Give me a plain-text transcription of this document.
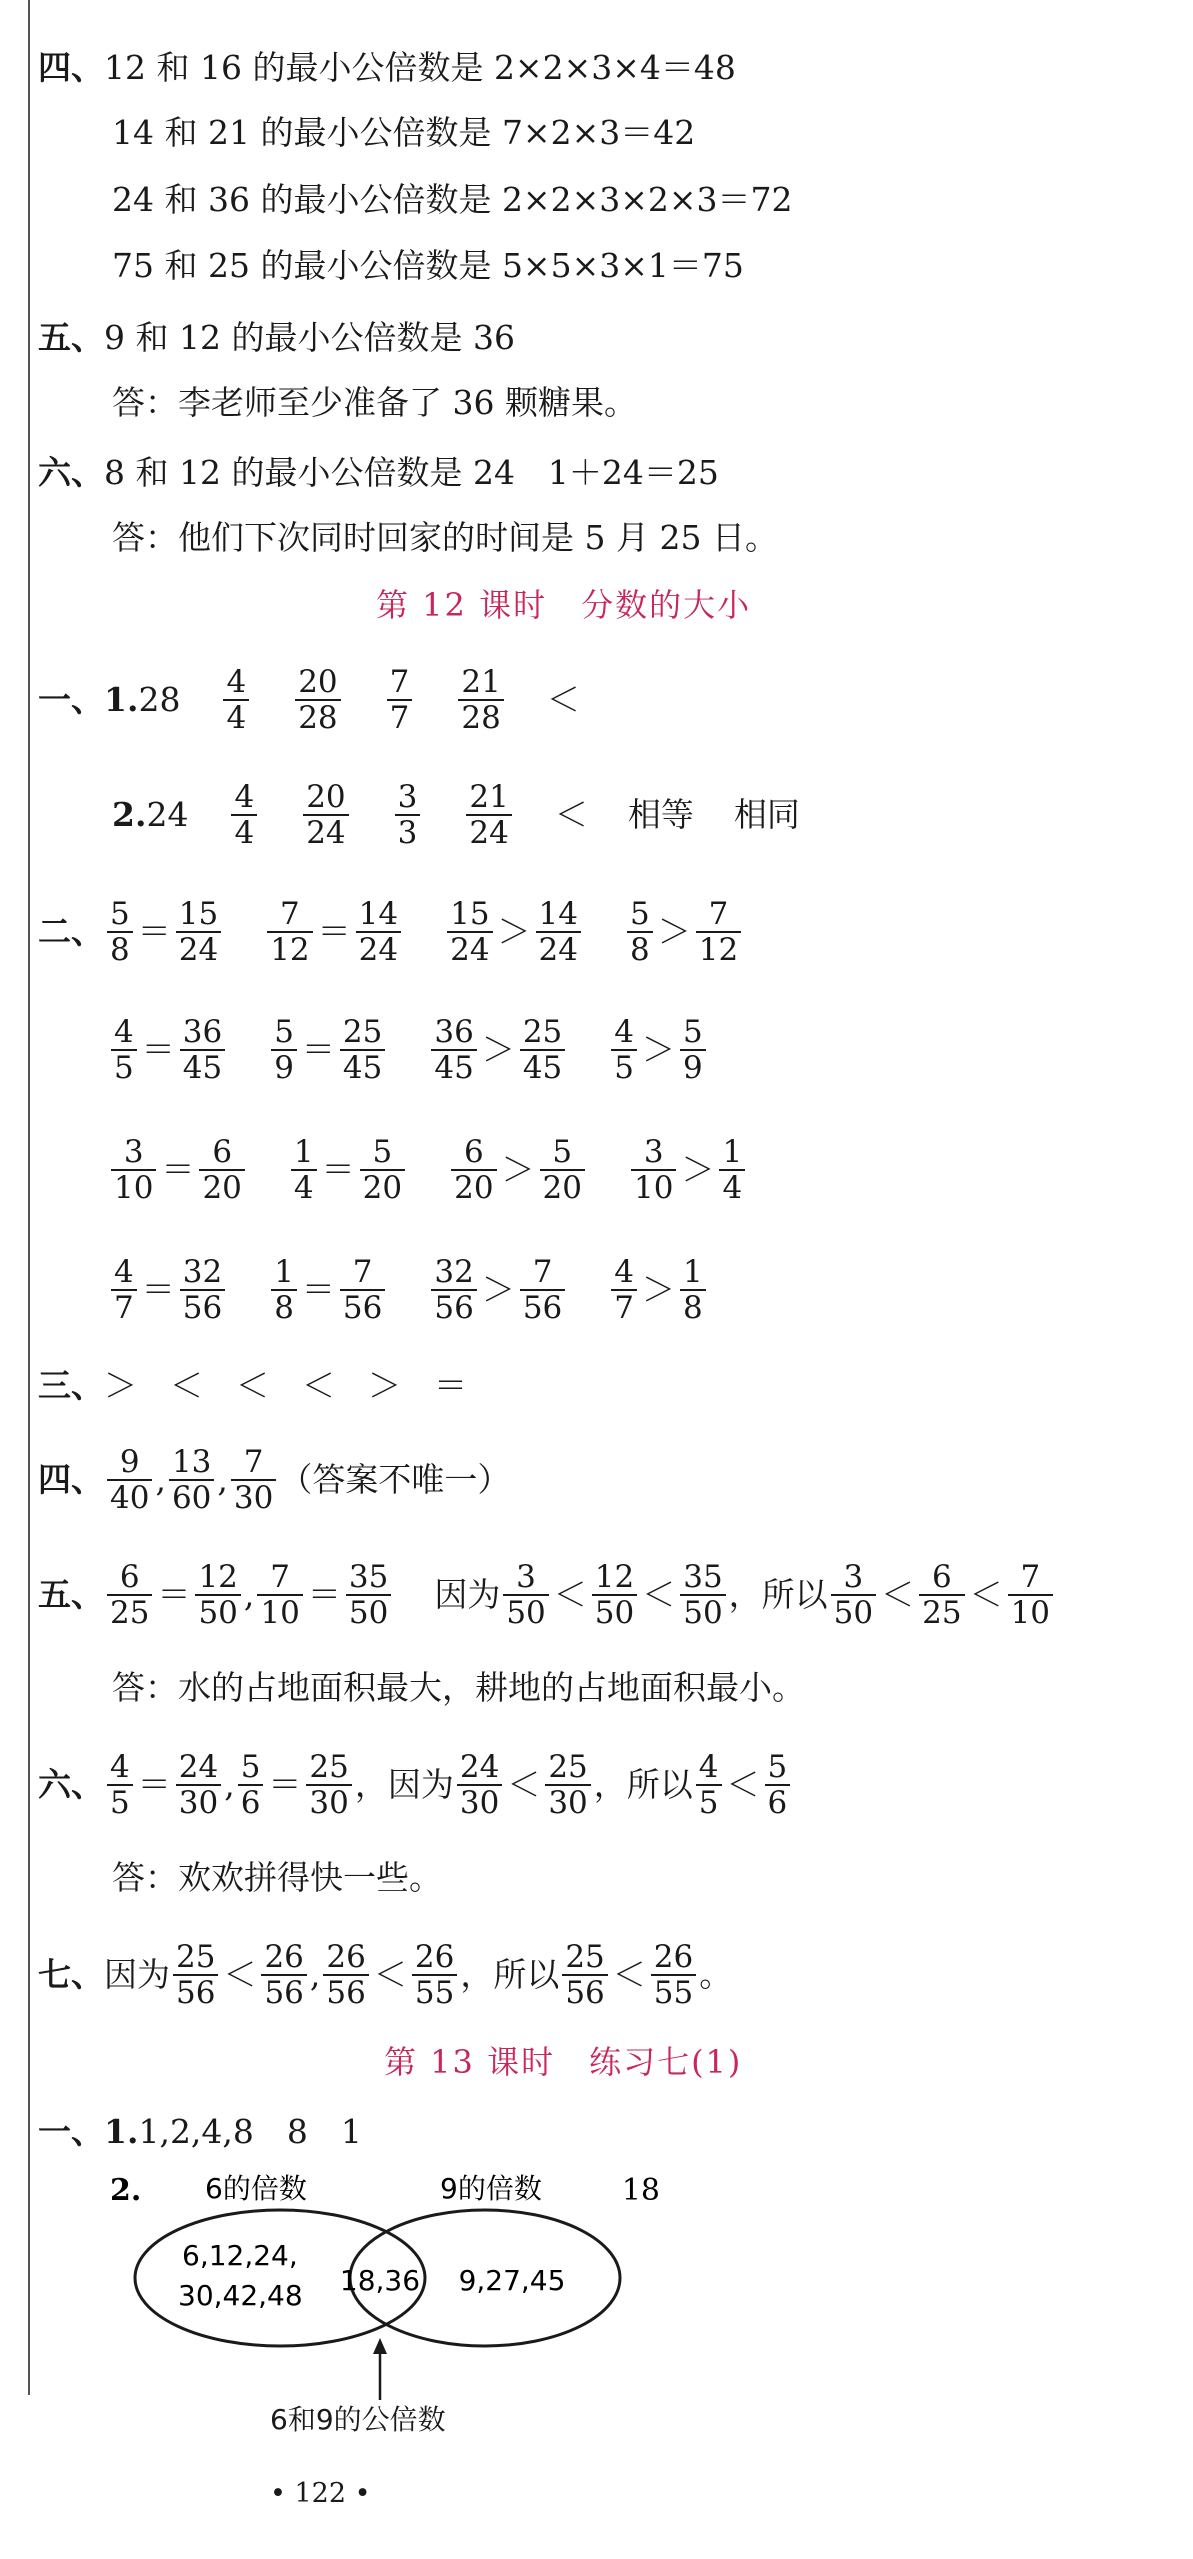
四、 12 和 16 的最小公倍数是 2×2×3×4＝48
14 和 21 的最小公倍数是 7×2×3＝42
24 和 36 的最小公倍数是 2×2×3×2×3＝72
75 和 25 的最小公倍数是 5×5×3×1＝75
五、 9 和 12 的最小公倍数是 36
答：李老师至少准备了 36 颗糖果。
六、 8 和 12 的最小公倍数是 24　1＋24＝25
答：他们下次同时回家的时间是 5 月 25 日。
第 12 课时　分数的大小
一、 1. $28 \frac{4}{4} \frac{20}{28} \frac{7}{7} \frac{21}{28}$ ＜
2. $24 \frac{4}{4} \frac{20}{24} \frac{3}{3} \frac{21}{24}$ ＜ 相等 相同
二、 $\frac{5}{8} = \frac{15}{24} \frac{7}{12} = \frac{14}{24} \frac{15}{24} > \frac{14}{24} \frac{5}{8} > \frac{7}{12}$
$\frac{4}{5} = \frac{36}{45} \frac{5}{9} = \frac{25}{45} \frac{36}{45} > \frac{25}{45} \frac{4}{5} > \frac{5}{9}$
$\frac{3}{10} = \frac{6}{20} \frac{1}{4} = \frac{5}{20} \frac{6}{20} > \frac{5}{20} \frac{3}{10} > \frac{1}{4}$
$\frac{4}{7} = \frac{32}{56} \frac{1}{8} = \frac{7}{56} \frac{32}{56} > \frac{7}{56} \frac{4}{7} > \frac{1}{8}$
三、 ＞　＜　＜　＜　＞　＝
四、 $\frac{9}{40}$ , $\frac{13}{60}$ , $\frac{7}{30}$ （答案不唯一）
五、 $\frac{6}{25} = \frac{12}{50}$ , $\frac{7}{10} = \frac{35}{50}$ 因为 $\frac{3}{50} < \frac{12}{50} < \frac{35}{50}$ ，所以 $\frac{3}{50} < \frac{6}{25} < \frac{7}{10}$
答：水的占地面积最大，耕地的占地面积最小。
六、 $\frac{4}{5} = \frac{24}{30}$ , $\frac{5}{6} = \frac{25}{30}$ ，因为 $\frac{24}{30} < \frac{25}{30}$ ，所以 $\frac{4}{5} < \frac{5}{6}$
答：欢欢拼得快一些。
七、 因为 $\frac{25}{56} < \frac{26}{56}$ , $\frac{26}{56} < \frac{26}{55}$ ，所以 $\frac{25}{56} < \frac{26}{55}$ 。
第 13 课时　练习七(1)
一、 1. 1,2,4,8　8　1
2. 6的倍数	9的倍数	18
6,12,24,
30,42,48 18,36 9,27,45
6和9的公倍数
• 122 •
